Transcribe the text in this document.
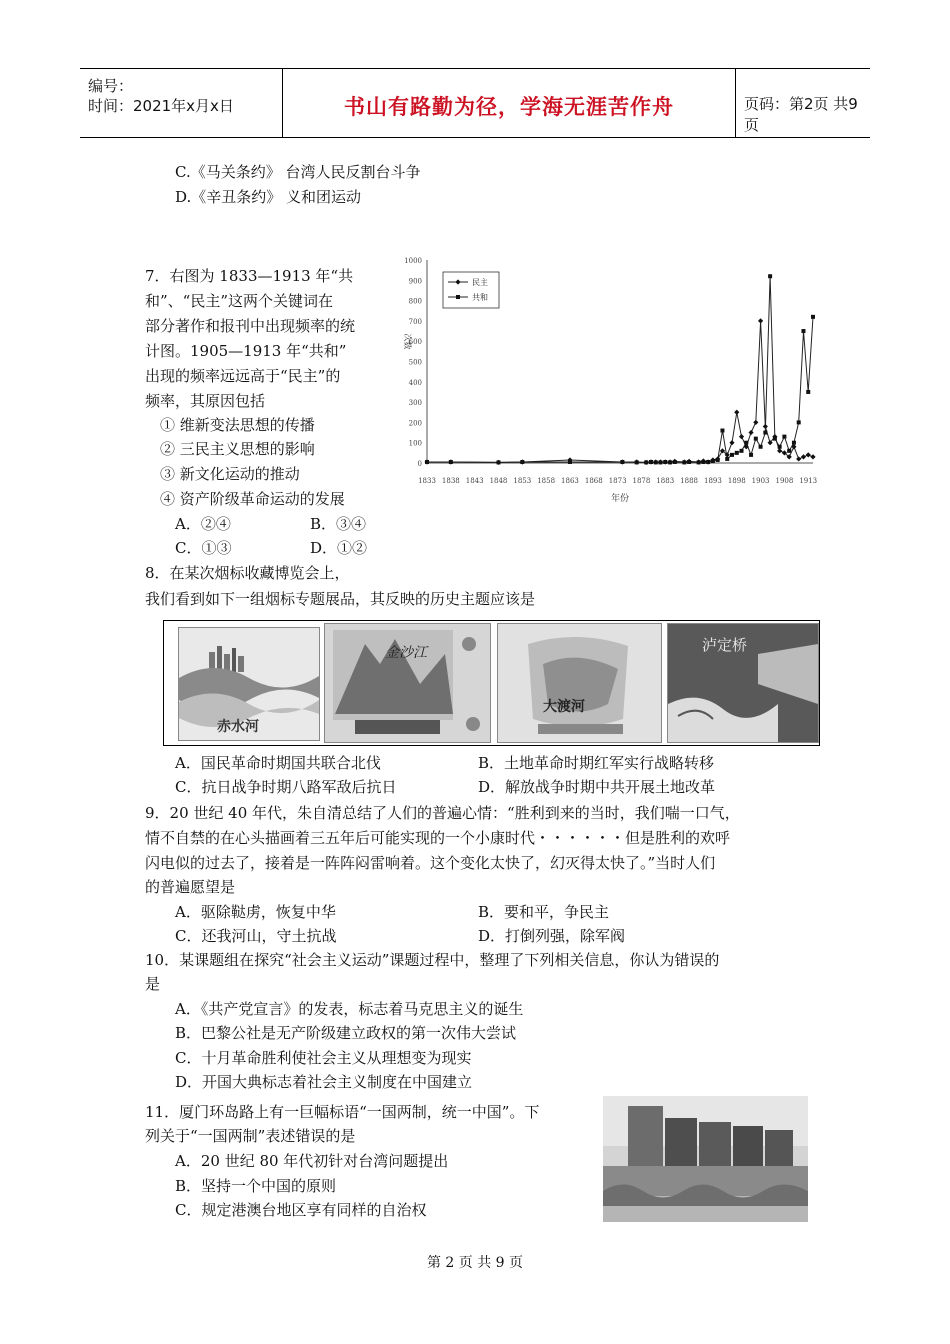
编号：
时间：2021年x月x日	书山有路勤为径，学海无涯苦作舟	页码：第2页 共9页
C.《马关条约》 台湾人民反割台斗争
D.《辛丑条约》 义和团运动
7．右图为 1833—1913 年“共
和”、“民主”这两个关键词在
部分著作和报刊中出现频率的统
计图。1905—1913 年“共和”
出现的频率远远高于“民主”的
频率，其原因包括
① 维新变法思想的传播
② 三民主义思想的影响
③ 新文化运动的推动
④ 资产阶级革命运动的发展
A．②④	B．③④
C．①③	D．①②
0
100
200
300
400
500
600
700
800
900
1000
1833 1838 1843 1848 1853 1858 1863 1868 1873 1878 1883 1888 1893 1898 1903 1908 1913
民主
共和
年份
次数
8．在某次烟标收藏博览会上，
我们看到如下一组烟标专题展品，其反映的历史主题应该是
赤水河
金沙江
大渡河
泸定桥
A．国民革命时期国共联合北伐	B．土地革命时期红军实行战略转移
C．抗日战争时期八路军敌后抗日	D．解放战争时期中共开展土地改革
9．20 世纪 40 年代，朱自清总结了人们的普遍心情：“胜利到来的当时，我们喘一口气，
情不自禁的在心头描画着三五年后可能实现的一个小康时代・・・・・・但是胜利的欢呼
闪电似的过去了，接着是一阵阵闷雷响着。这个变化太快了，幻灭得太快了。”当时人们
的普遍愿望是
A．驱除鞑虏，恢复中华	B．要和平，争民主
C．还我河山，守土抗战	D．打倒列强，除军阀
10．某课题组在探究“社会主义运动”课题过程中，整理了下列相关信息，你认为错误的
是
A．《共产党宣言》的发表，标志着马克思主义的诞生
B．巴黎公社是无产阶级建立政权的第一次伟大尝试
C．十月革命胜利使社会主义从理想变为现实
D．开国大典标志着社会主义制度在中国建立
11．厦门环岛路上有一巨幅标语“一国两制，统一中国”。下
列关于“一国两制”表述错误的是
A．20 世纪 80 年代初针对台湾问题提出
B．坚持一个中国的原则
C．规定港澳台地区享有同样的自治权
第 2 页 共 9 页
